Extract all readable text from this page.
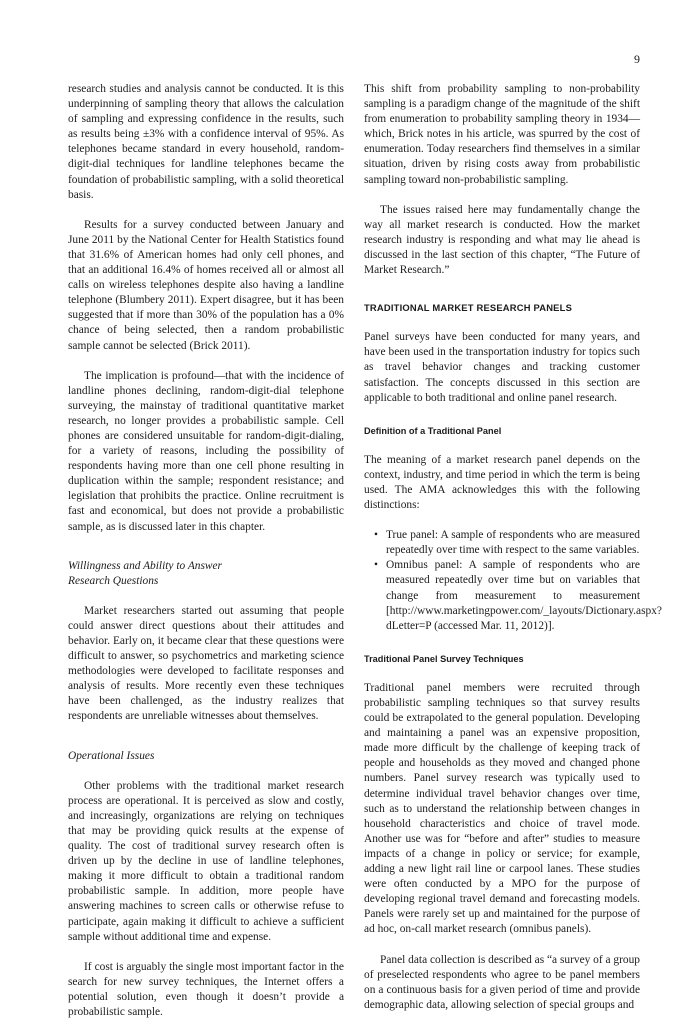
9

research studies and analysis cannot be conducted. It is this underpinning of sampling theory that allows the calculation of sampling and expressing confidence in the results, such as results being ±3% with a confidence interval of 95%. As telephones became standard in every household, random-digit-dial techniques for landline telephones became the foundation of probabilistic sampling, with a solid theoretical basis.

Results for a survey conducted between January and June 2011 by the National Center for Health Statistics found that 31.6% of American homes had only cell phones, and that an additional 16.4% of homes received all or almost all calls on wireless telephones despite also having a landline telephone (Blumbery 2011). Expert disagree, but it has been suggested that if more than 30% of the population has a 0% chance of being selected, then a random probabilistic sample cannot be selected (Brick 2011).

The implication is profound—that with the incidence of landline phones declining, random-digit-dial telephone surveying, the mainstay of traditional quantitative market research, no longer provides a probabilistic sample. Cell phones are considered unsuitable for random-digit-dialing, for a variety of reasons, including the possibility of respondents having more than one cell phone resulting in duplication within the sample; respondent resistance; and legislation that prohibits the practice. Online recruitment is fast and economical, but does not provide a probabilistic sample, as is discussed later in this chapter.

Willingness and Ability to Answer
Research Questions

Market researchers started out assuming that people could answer direct questions about their attitudes and behavior. Early on, it became clear that these questions were difficult to answer, so psychometrics and marketing science methodologies were developed to facilitate responses and analysis of results. More recently even these techniques have been challenged, as the industry realizes that respondents are unreliable witnesses about themselves.

Operational Issues

Other problems with the traditional market research process are operational. It is perceived as slow and costly, and increasingly, organizations are relying on techniques that may be providing quick results at the expense of quality. The cost of traditional survey research often is driven up by the decline in use of landline telephones, making it more difficult to obtain a traditional random probabilistic sample. In addition, more people have answering machines to screen calls or otherwise refuse to participate, again making it difficult to achieve a sufficient sample without additional time and expense.

If cost is arguably the single most important factor in the search for new survey techniques, the Internet offers a potential solution, even though it doesn’t provide a probabilistic sample.

This shift from probability sampling to non-probability sampling is a paradigm change of the magnitude of the shift from enumeration to probability sampling theory in 1934—which, Brick notes in his article, was spurred by the cost of enumeration. Today researchers find themselves in a similar situation, driven by rising costs away from probabilistic sampling toward non-probabilistic sampling.

The issues raised here may fundamentally change the way all market research is conducted. How the market research industry is responding and what may lie ahead is discussed in the last section of this chapter, “The Future of Market Research.”

TRADITIONAL MARKET RESEARCH PANELS

Panel surveys have been conducted for many years, and have been used in the transportation industry for topics such as travel behavior changes and tracking customer satisfaction. The concepts discussed in this section are applicable to both traditional and online panel research.

Definition of a Traditional Panel

The meaning of a market research panel depends on the context, industry, and time period in which the term is being used. The AMA acknowledges this with the following distinctions:

• True panel: A sample of respondents who are measured repeatedly over time with respect to the same variables.
• Omnibus panel: A sample of respondents who are measured repeatedly over time but on variables that change from measurement to measurement [http://www.marketingpower.com/_layouts/Dictionary.aspx?dLetter=P (accessed Mar. 11, 2012)].

Traditional Panel Survey Techniques

Traditional panel members were recruited through probabilistic sampling techniques so that survey results could be extrapolated to the general population. Developing and maintaining a panel was an expensive proposition, made more difficult by the challenge of keeping track of people and households as they moved and changed phone numbers. Panel survey research was typically used to determine individual travel behavior changes over time, such as to understand the relationship between changes in household characteristics and choice of travel mode. Another use was for “before and after” studies to measure impacts of a change in policy or service; for example, adding a new light rail line or carpool lanes. These studies were often conducted by a MPO for the purpose of developing regional travel demand and forecasting models. Panels were rarely set up and maintained for the purpose of ad hoc, on-call market research (omnibus panels).

Panel data collection is described as “a survey of a group of preselected respondents who agree to be panel members on a continuous basis for a given period of time and provide demographic data, allowing selection of special groups and
